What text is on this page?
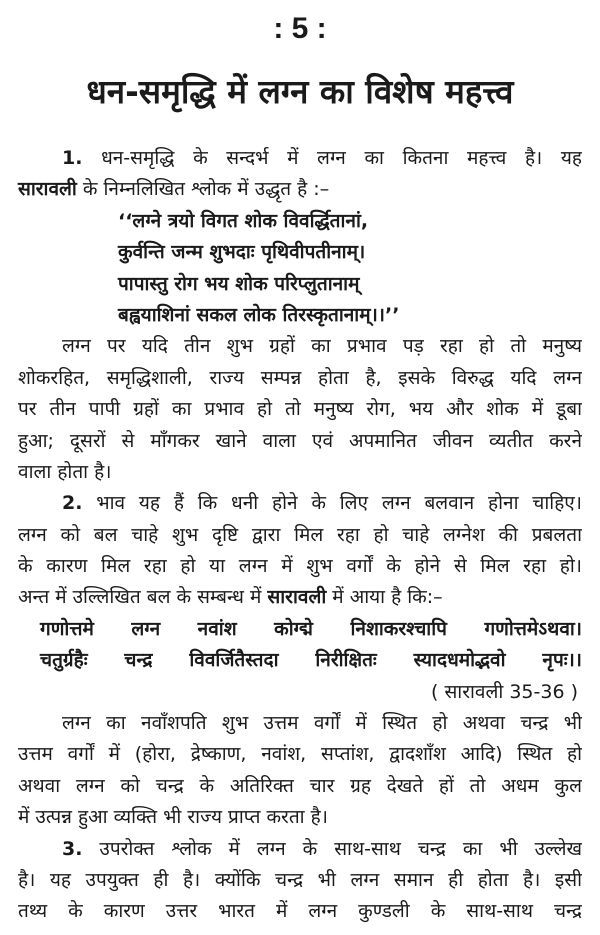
: 5 :
धन-समृद्धि में लग्न का विशेष महत्त्व
1. धन-समृद्धि के सन्दर्भ में लग्न का कितना महत्त्व है। यह
सारावली के निम्नलिखित श्लोक में उद्धृत है :–
‘‘लग्ने त्रयो विगत शोक विवर्द्धितानां,
कुर्वन्ति जन्म शुभदाः पृथिवीपतीनाम्।
पापास्तु रोग भय शोक परिप्लुतानाम्
बह्वयाशिनां सकल लोक तिरस्कृतानाम्।।’’
लग्न पर यदि तीन शुभ ग्रहों का प्रभाव पड़ रहा हो तो मनुष्य
शोकरहित, समृद्धिशाली, राज्य सम्पन्न होता है, इसके विरुद्ध यदि लग्न
पर तीन पापी ग्रहों का प्रभाव हो तो मनुष्य रोग, भय और शोक में डूबा
हुआ; दूसरों से माँगकर खाने वाला एवं अपमानित जीवन व्यतीत करने
वाला होता है।
2. भाव यह हैं कि धनी होने के लिए लग्न बलवान होना चाहिए।
लग्न को बल चाहे शुभ दृष्टि द्वारा मिल रहा हो चाहे लग्नेश की प्रबलता
के कारण मिल रहा हो या लग्न में शुभ वर्गों के होने से मिल रहा हो।
अन्त में उल्लिखित बल के सम्बन्ध में सारावली में आया है कि:–
गणोत्तमे लग्न नवांश कोग्द्मे निशाकरश्चापि गणोत्तमेऽथवा।
चतुर्ग्रहैः चन्द्र विवर्जितैस्तदा निरीक्षितः स्यादधमोद्भवो नृपः।।
( सारावली 35-36 )
लग्न का नवाँशपति शुभ उत्तम वर्गों में स्थित हो अथवा चन्द्र भी
उत्तम वर्गों में (होरा, द्रेष्काण, नवांश, सप्तांश, द्वादशाँश आदि) स्थित हो
अथवा लग्न को चन्द्र के अतिरिक्त चार ग्रह देखते हों तो अधम कुल
में उत्पन्न हुआ व्यक्ति भी राज्य प्राप्त करता है।
3. उपरोक्त श्लोक में लग्न के साथ-साथ चन्द्र का भी उल्लेख
है। यह उपयुक्त ही है। क्योंकि चन्द्र भी लग्न समान ही होता है। इसी
तथ्य के कारण उत्तर भारत में लग्न कुण्डली के साथ-साथ चन्द्र
